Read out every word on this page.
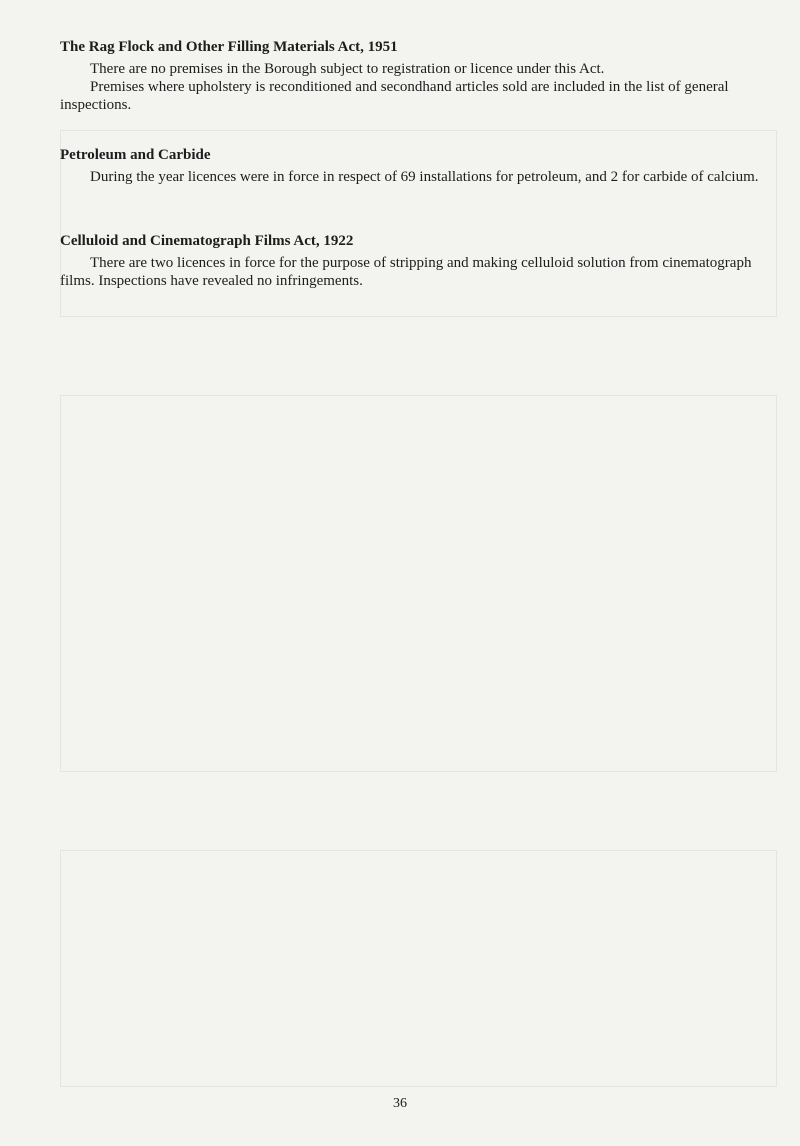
The Rag Flock and Other Filling Materials Act, 1951

There are no premises in the Borough subject to registration or licence under this Act.

Premises where upholstery is reconditioned and secondhand articles sold are included in the list of general inspections.

Petroleum and Carbide

During the year licences were in force in respect of 69 installations for petroleum, and 2 for carbide of calcium.

Celluloid and Cinematograph Films Act, 1922

There are two licences in force for the purpose of stripping and making celluloid solution from cinematograph films. Inspections have revealed no infringements.

36
